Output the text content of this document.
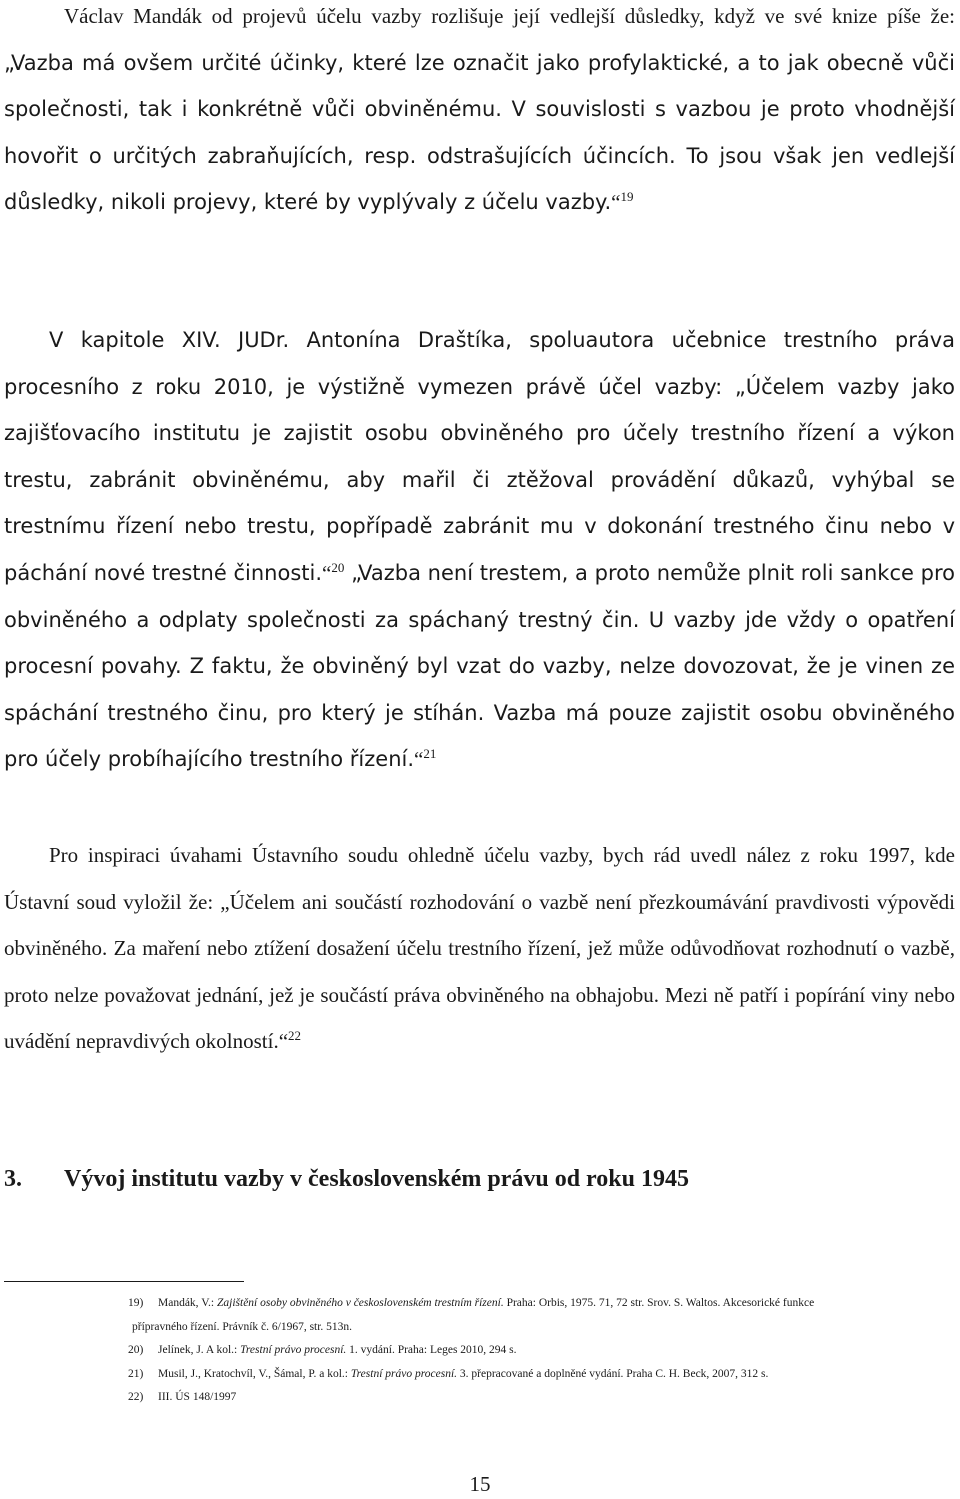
Václav Mandák od projevů účelu vazby rozlišuje její vedlejší důsledky, když ve své knize píše že: „Vazba má ovšem určité účinky, které lze označit jako profylaktické, a to jak obecně vůči společnosti, tak i konkrétně vůči obviněnému. V souvislosti s vazbou je proto vhodnější hovořit o určitých zabraňujících, resp. odstrašujících účincích. To jsou však jen vedlejší důsledky, nikoli projevy, které by vyplývaly z účelu vazby.“$^{19}$

V kapitole XIV. JUDr. Antonína Draštíka, spoluautora učebnice trestního práva procesního z roku 2010, je výstižně vymezen právě účel vazby: „Účelem vazby jako zajišťovacího institutu je zajistit osobu obviněného pro účely trestního řízení a výkon trestu, zabránit obviněnému, aby mařil či ztěžoval provádění důkazů, vyhýbal se trestnímu řízení nebo trestu, popřípadě zabránit mu v dokonání trestného činu nebo v páchání nové trestné činnosti.“$^{20}$ „Vazba není trestem, a proto nemůže plnit roli sankce pro obviněného a odplaty společnosti za spáchaný trestný čin. U vazby jde vždy o opatření procesní povahy. Z faktu, že obviněný byl vzat do vazby, nelze dovozovat, že je vinen ze spáchání trestného činu, pro který je stíhán. Vazba má pouze zajistit osobu obviněného pro účely probíhajícího trestního řízení.“$^{21}$

Pro inspiraci úvahami Ústavního soudu ohledně účelu vazby, bych rád uvedl nález z roku 1997, kde Ústavní soud vyložil že: „Účelem ani součástí rozhodování o vazbě není přezkoumávání pravdivosti výpovědi obviněného. Za maření nebo ztížení dosažení účelu trestního řízení, jež může odůvodňovat rozhodnutí o vazbě, proto nelze považovat jednání, jež je součástí práva obviněného na obhajobu. Mezi ně patří i popírání viny nebo uvádění nepravdivých okolností.“$^{22}$

3. Vývoj institutu vazby v československém právu od roku 1945
19) Mandák, V.: Zajištění osoby obviněného v československém trestním řízení. Praha: Orbis, 1975. 71, 72 str. Srov. S. Waltos. Akcesorické funkce
přípravného řízení. Právník č. 6/1967, str. 513n.
20) Jelínek, J. A kol.: Trestní právo procesní. 1. vydání. Praha: Leges 2010, 294 s.
21) Musil, J., Kratochvíl, V., Šámal, P. a kol.: Trestní právo procesní. 3. přepracované a doplněné vydání. Praha C. H. Beck, 2007, 312 s.
22) III. ÚS 148/1997
15
